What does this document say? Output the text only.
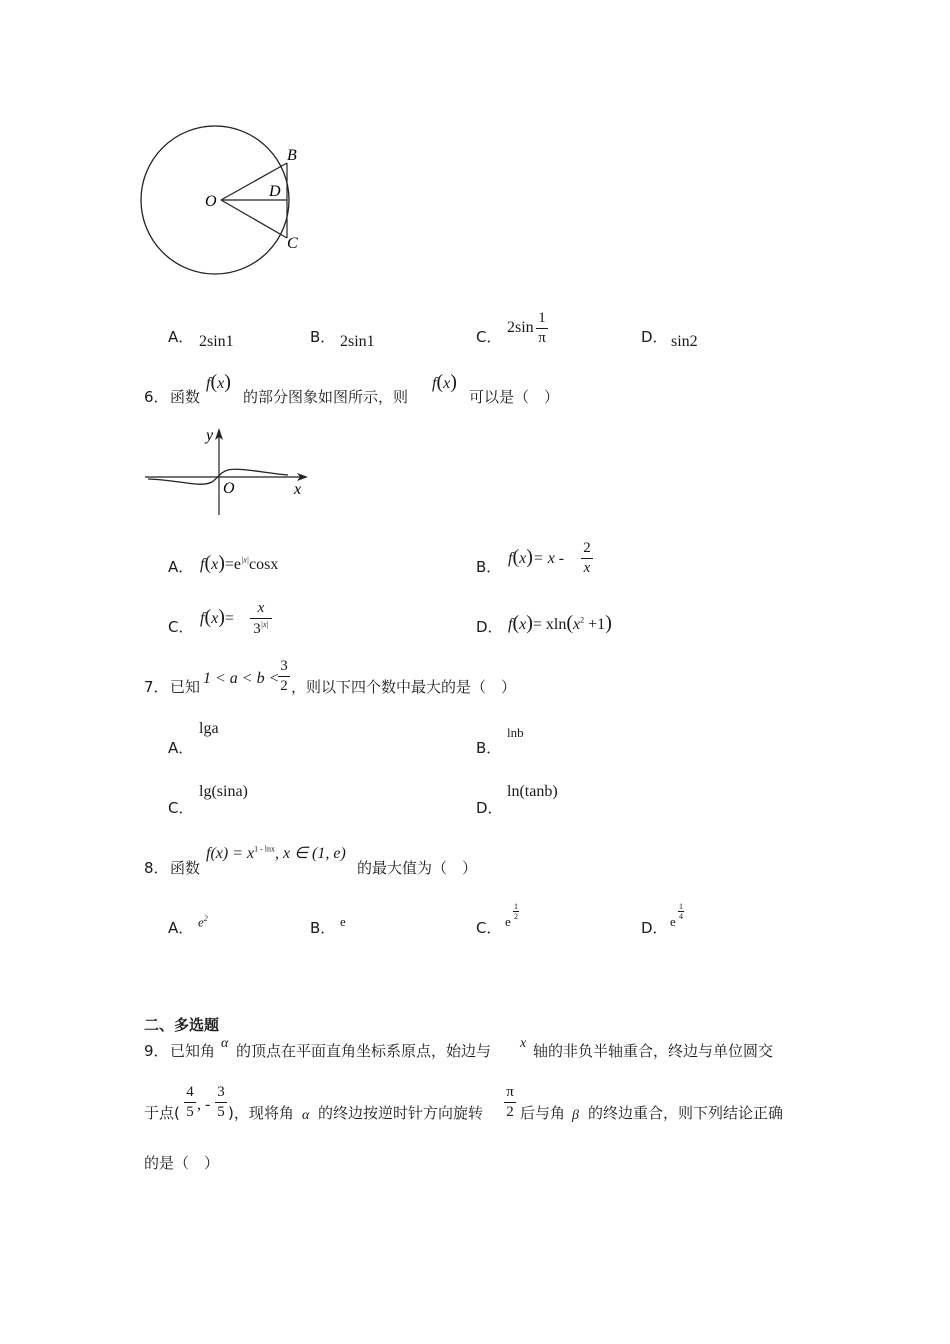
O
B
C
D
A． 2sin1	B． 2sin1	C．
2sin
1
π	D． sin2
6． 函数
f(x)
的部分图象如图所示，则
f(x)
可以是（　）
y
O	x
A． $f(x)=e^{|x|}\cos x$	B． f(x)= x -
2
x
C． f(x)=
x
$3^{|x|}$	D． $f(x)= xln(x^2 +1)$
7． 已知 1 < a < b <
3
2 ，则以下四个数中最大的是（　）
A．
lga
B．
lnb
C．
lg(sina)
D．
ln(tanb)
8． 函数
$f(x) = x^{1 - lnx}$, x ∈ (1, e)
的最大值为（　）
A． $e^2$
B． e	C． e
1
2
D． e
1
4
二、多选题
9． 已知角 α 的顶点在平面直角坐标系原点，始边与 x 轴的非负半轴重合，终边与单位圆交
于点(
4
5 , -
3
5 )，现将角 α 的终边按逆时针方向旋转
π
2 后与角 β 的终边重合，则下列结论正确
的是（　）
